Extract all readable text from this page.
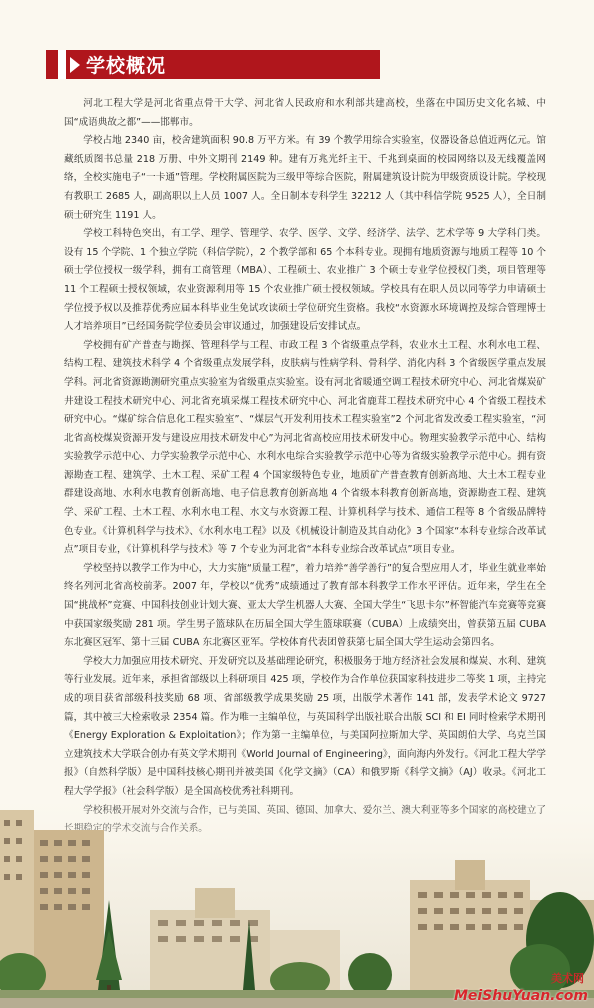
学校概况

河北工程大学是河北省重点骨干大学、河北省人民政府和水利部共建高校，坐落在中国历史文化名城、中国“成语典故之都”——邯郸市。

学校占地 2340 亩，校舍建筑面积 90.8 万平方米。有 39 个教学用综合实验室，仪器设备总值近两亿元。馆藏纸质图书总量 218 万册、中外文期刊 2149 种。建有万兆光纤主干、千兆到桌面的校园网络以及无线覆盖网络，全校实施电子“一卡通”管理。学校附属医院为三级甲等综合医院，附属建筑设计院为甲级资质设计院。学校现有教职工 2685 人，副高职以上人员 1007 人。全日制本专科学生 32212 人（其中科信学院 9525 人），全日制硕士研究生 1191 人。

学校工科特色突出，有工学、理学、管理学、农学、医学、文学、经济学、法学、艺术学等 9 大学科门类。设有 15 个学院、1 个独立学院（科信学院），2 个教学部和 65 个本科专业。现拥有地质资源与地质工程等 10 个硕士学位授权一级学科，拥有工商管理（MBA）、工程硕士、农业推广 3 个硕士专业学位授权门类，项目管理等 11 个工程硕士授权领域，农业资源利用等 15 个农业推广硕士授权领域。学校具有在职人员以同等学力申请硕士学位授予权以及推荐优秀应届本科毕业生免试攻读硕士学位研究生资格。我校“水资源水环境调控及综合管理博士人才培养项目”已经国务院学位委员会审议通过，加强建设后安排试点。

学校拥有矿产普查与勘探、管理科学与工程、市政工程 3 个省级重点学科，农业水土工程、水利水电工程、结构工程、建筑技术科学 4 个省级重点发展学科，皮肤病与性病学科、骨科学、消化内科 3 个省级医学重点发展学科。河北省资源勘测研究重点实验室为省级重点实验室。设有河北省暖通空调工程技术研究中心、河北省煤炭矿井建设工程技术研究中心、河北省充填采煤工程技术研究中心、河北省鹿茸工程技术研究中心 4 个省级工程技术研究中心。“煤矿综合信息化工程实验室”、“煤层气开发利用技术工程实验室”2 个河北省发改委工程实验室，“河北省高校煤炭资源开发与建设应用技术研发中心”为河北省高校应用技术研发中心。物理实验教学示范中心、结构实验教学示范中心、力学实验教学示范中心、水利水电综合实验教学示范中心等为省级实验教学示范中心。拥有资源勘查工程、建筑学、土木工程、采矿工程 4 个国家级特色专业，地质矿产普查教育创新高地、大土木工程专业群建设高地、水利水电教育创新高地、电子信息教育创新高地 4 个省级本科教育创新高地，资源勘查工程、建筑学、采矿工程、土木工程、水利水电工程、水文与水资源工程、计算机科学与技术、通信工程等 8 个省级品牌特色专业。《计算机科学与技术》、《水利水电工程》以及《机械设计制造及其自动化》3 个国家“本科专业综合改革试点”项目专业，《计算机科学与技术》等 7 个专业为河北省“本科专业综合改革试点”项目专业。

学校坚持以教学工作为中心，大力实施“质量工程”，着力培养“善学善行”的复合型应用人才，毕业生就业率始终名列河北省高校前茅。2007 年，学校以“优秀”成绩通过了教育部本科教学工作水平评估。近年来，学生在全国“挑战杯”竞赛、中国科技创业计划大赛、亚太大学生机器人大赛、全国大学生“飞思卡尔”杯智能汽车竞赛等竞赛中获国家级奖励 281 项。学生男子篮球队在历届全国大学生篮球联赛（CUBA）上成绩突出，曾获第五届 CUBA 东北赛区冠军、第十三届 CUBA 东北赛区亚军。学校体育代表团曾获第七届全国大学生运动会第四名。

学校大力加强应用技术研究、开发研究以及基础理论研究，积极服务于地方经济社会发展和煤炭、水利、建筑等行业发展。近年来，承担省部级以上科研项目 425 项，学校作为合作单位获国家科技进步二等奖 1 项，主持完成的项目获省部级科技奖励 68 项、省部级教学成果奖励 25 项，出版学术著作 141 部，发表学术论文 9727 篇，其中被三大检索收录 2354 篇。作为唯一主编单位，与英国科学出版社联合出版 SCI 和 EI 同时检索学术期刊《Energy Exploration & Exploitation》；作为第一主编单位，与美国阿拉斯加大学、英国朗伯大学、乌克兰国立建筑技术大学联合创办有英文学术期刊《World Journal of Engineering》，面向海内外发行。《河北工程大学学报》（自然科学版）是中国科技核心期刊并被美国《化学文摘》（CA）和俄罗斯《科学文摘》（AJ）收录。《河北工

美术网
MeiShuYuan.com
